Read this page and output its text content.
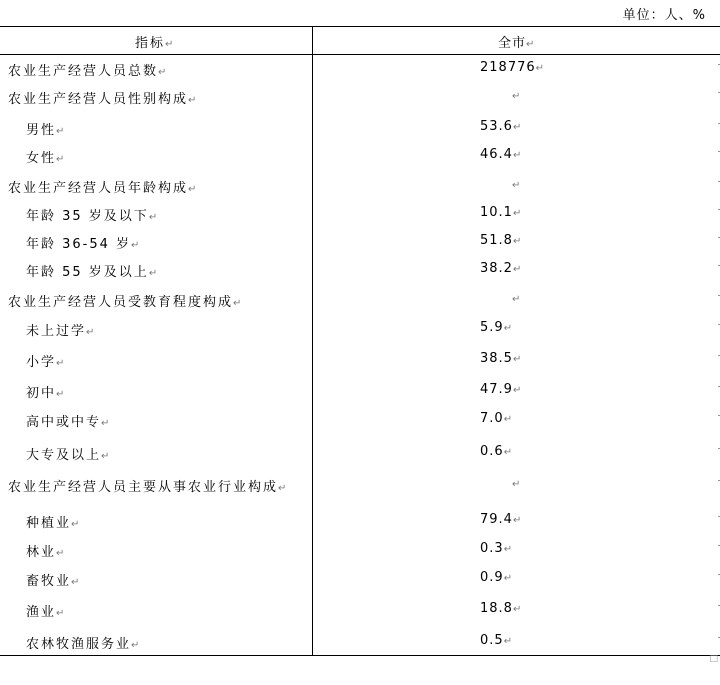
单位：人、%
指标↵	全市↵
农业生产经营人员总数↵	218776↵
农业生产经营人员性别构成↵	↵
男性↵	53.6↵
女性↵	46.4↵
农业生产经营人员年龄构成↵	↵
年龄 35 岁及以下↵	10.1↵
年龄 36-54 岁↵	51.8↵
年龄 55 岁及以上↵	38.2↵
农业生产经营人员受教育程度构成↵	↵
未上过学↵	5.9↵
小学↵	38.5↵
初中↵	47.9↵
高中或中专↵	7.0↵
大专及以上↵	0.6↵
农业生产经营人员主要从事农业行业构成↵	↵
种植业↵	79.4↵
林业↵	0.3↵
畜牧业↵	0.9↵
渔业↵	18.8↵
农林牧渔服务业↵	0.5↵
□
